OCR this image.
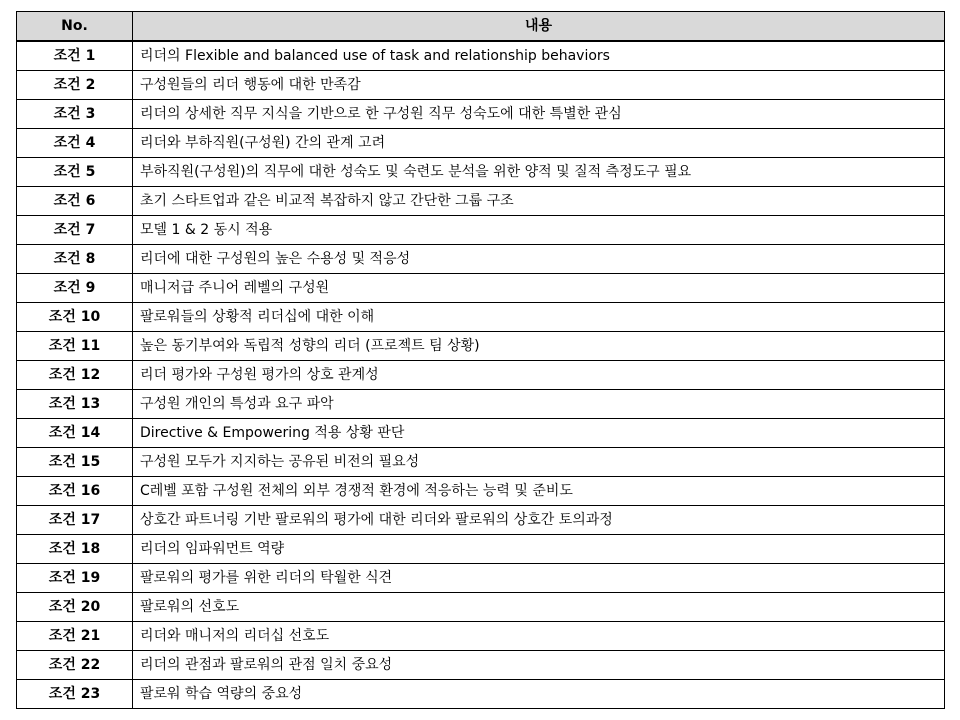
No.	내용
조건 1	리더의 Flexible and balanced use of task and relationship behaviors
조건 2	구성원들의 리더 행동에 대한 만족감
조건 3	리더의 상세한 직무 지식을 기반으로 한 구성원 직무 성숙도에 대한 특별한 관심
조건 4	리더와 부하직원(구성원) 간의 관계 고려
조건 5	부하직원(구성원)의 직무에 대한 성숙도 및 숙련도 분석을 위한 양적 및 질적 측정도구 필요
조건 6	초기 스타트업과 같은 비교적 복잡하지 않고 간단한 그룹 구조
조건 7	모델 1 & 2 동시 적용
조건 8	리더에 대한 구성원의 높은 수용성 및 적응성
조건 9	매니저급 주니어 레벨의 구성원
조건 10	팔로워들의 상황적 리더십에 대한 이해
조건 11	높은 동기부여와 독립적 성향의 리더 (프로젝트 팀 상황)
조건 12	리더 평가와 구성원 평가의 상호 관계성
조건 13	구성원 개인의 특성과 요구 파악
조건 14	Directive & Empowering 적용 상황 판단
조건 15	구성원 모두가 지지하는 공유된 비전의 필요성
조건 16	C레벨 포함 구성원 전체의 외부 경쟁적 환경에 적응하는 능력 및 준비도
조건 17	상호간 파트너링 기반 팔로워의 평가에 대한 리더와 팔로워의 상호간 토의과정
조건 18	리더의 임파워먼트 역량
조건 19	팔로워의 평가를 위한 리더의 탁월한 식견
조건 20	팔로워의 선호도
조건 21	리더와 매니저의 리더십 선호도
조건 22	리더의 관점과 팔로워의 관점 일치 중요성
조건 23	팔로워 학습 역량의 중요성
